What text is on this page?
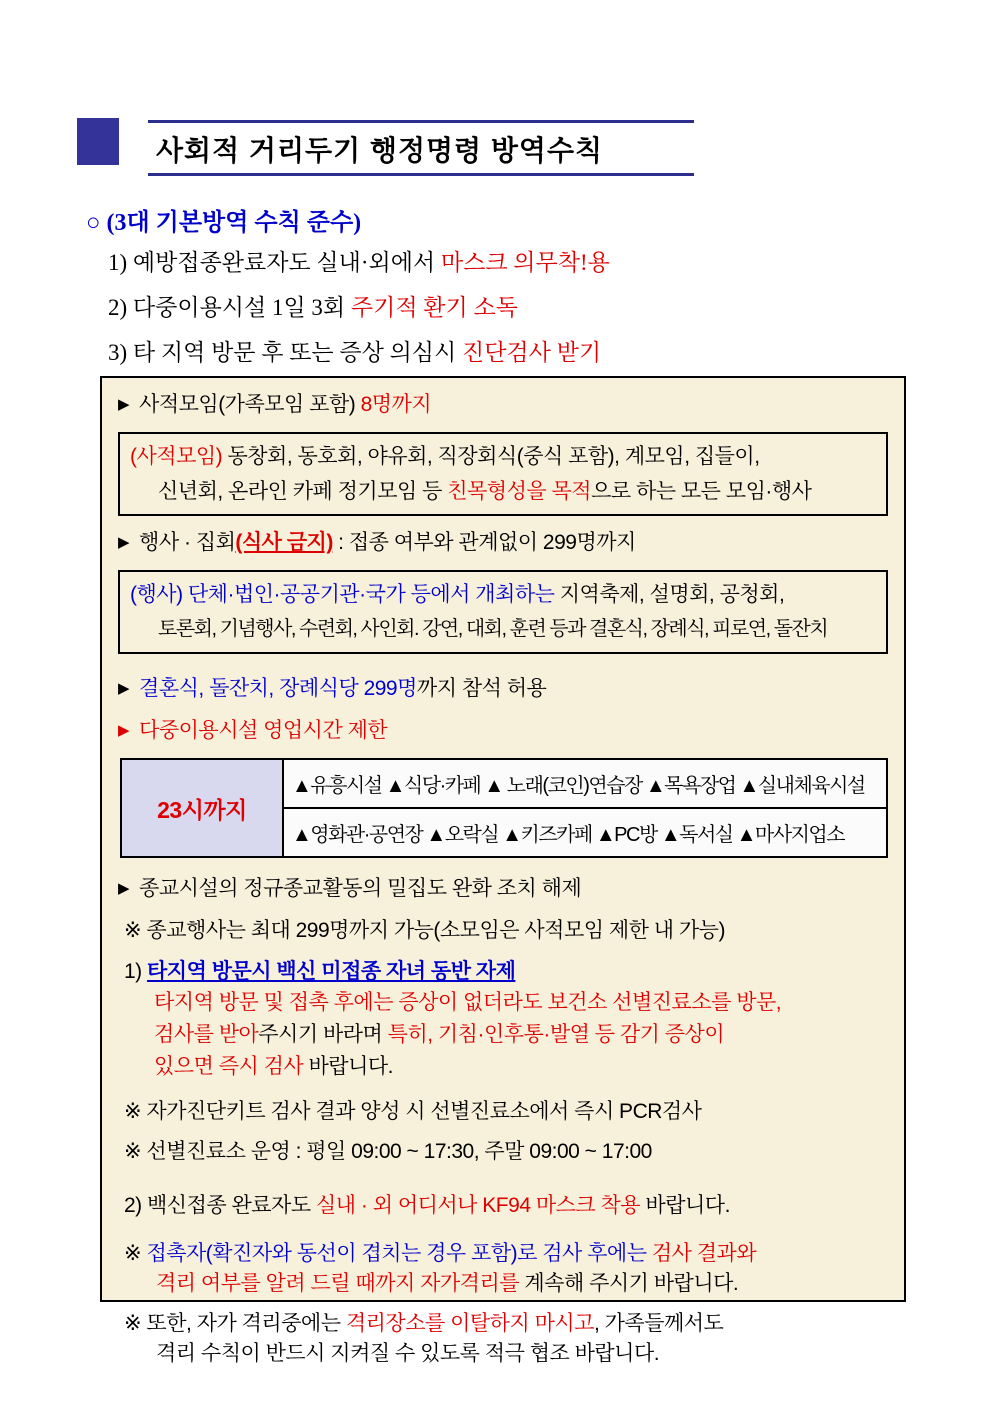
사회적 거리두기 행정명령 방역수칙
○ (3대 기본방역 수칙 준수)
1) 예방접종완료자도 실내·외에서 마스크 의무착!용
2) 다중이용시설 1일 3회 주기적 환기 소독
3) 타 지역 방문 후 또는 증상 의심시 진단검사 받기
▶ 사적모임(가족모임 포함) 8명까지
(사적모임) 동창회, 동호회, 야유회, 직장회식(중식 포함), 계모임, 집들이,
신년회, 온라인 카페 정기모임 등 친목형성을 목적으로 하는 모든 모임·행사
▶ 행사 · 집회(식사 금지) : 접종 여부와 관계없이 299명까지
(행사) 단체·법인·공공기관·국가 등에서 개최하는 지역축제, 설명회, 공청회,
토론회, 기념행사, 수련회, 사인회. 강연, 대회, 훈련 등과 결혼식, 장례식, 피로연, 돌잔치
▶ 결혼식, 돌잔치, 장례식당 299명까지 참석 허용
▶ 다중이용시설 영업시간 제한
23시까지
▲유흥시설 ▲식당·카페 ▲ 노래(코인)연습장 ▲목욕장업 ▲실내체육시설
▲영화관·공연장 ▲오락실 ▲키즈카페 ▲PC방 ▲독서실 ▲마사지업소
▶ 종교시설의 정규종교활동의 밀집도 완화 조치 해제
※ 종교행사는 최대 299명까지 가능(소모임은 사적모임 제한 내 가능)
1) 타지역 방문시 백신 미접종 자녀 동반 자제
타지역 방문 및 접촉 후에는 증상이 없더라도 보건소 선별진료소를 방문,
검사를 받아주시기 바라며 특히, 기침·인후통·발열 등 감기 증상이
있으면 즉시 검사 바랍니다.
※ 자가진단키트 검사 결과 양성 시 선별진료소에서 즉시 PCR검사
※ 선별진료소 운영 : 평일 09:00 ~ 17:30, 주말 09:00 ~ 17:00
2) 백신접종 완료자도 실내 · 외 어디서나 KF94 마스크 착용 바랍니다.
※ 접촉자(확진자와 동선이 겹치는 경우 포함)로 검사 후에는 검사 결과와
격리 여부를 알려 드릴 때까지 자가격리를 계속해 주시기 바랍니다.
※ 또한, 자가 격리중에는 격리장소를 이탈하지 마시고, 가족들께서도
격리 수칙이 반드시 지켜질 수 있도록 적극 협조 바랍니다.
